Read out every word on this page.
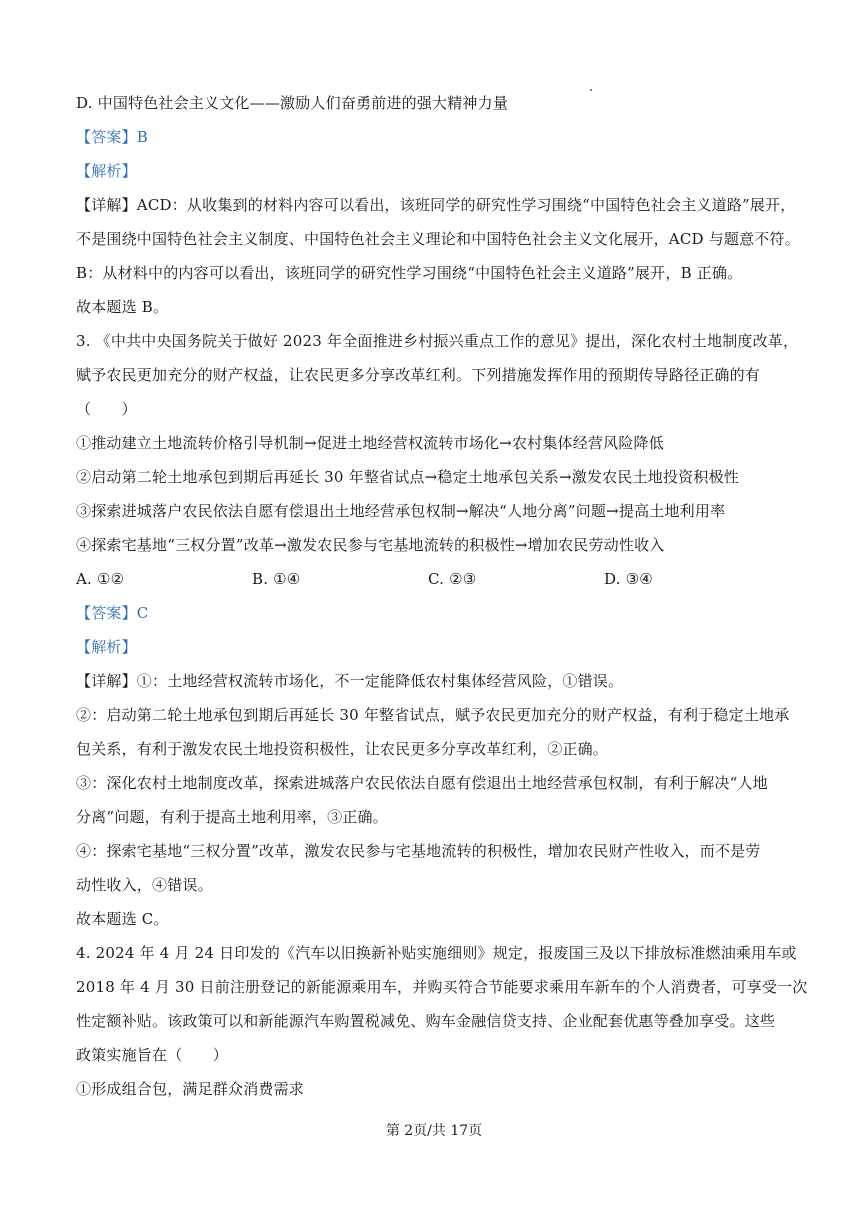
D. 中国特色社会主义文化——激励人们奋勇前进的强大精神力量
【答案】B
【解析】
【详解】ACD：从收集到的材料内容可以看出，该班同学的研究性学习围绕“中国特色社会主义道路”展开，
不是围绕中国特色社会主义制度、中国特色社会主义理论和中国特色社会主义文化展开，ACD 与题意不符。
B：从材料中的内容可以看出，该班同学的研究性学习围绕“中国特色社会主义道路”展开，B 正确。
故本题选 B。
3. 《中共中央国务院关于做好 2023 年全面推进乡村振兴重点工作的意见》提出，深化农村土地制度改革，
赋予农民更加充分的财产权益，让农民更多分享改革红利。下列措施发挥作用的预期传导路径正确的有
（　　）
①推动建立土地流转价格引导机制→促进土地经营权流转市场化→农村集体经营风险降低
②启动第二轮土地承包到期后再延长 30 年整省试点→稳定土地承包关系→激发农民土地投资积极性
③探索进城落户农民依法自愿有偿退出土地经营承包权制→解决“人地分离”问题→提高土地利用率
④探索宅基地“三权分置”改革→激发农民参与宅基地流转的积极性→增加农民劳动性收入
A. ①②	B. ①④	C. ②③	D. ③④
【答案】C
【解析】
【详解】①：土地经营权流转市场化，不一定能降低农村集体经营风险，①错误。
②：启动第二轮土地承包到期后再延长 30 年整省试点，赋予农民更加充分的财产权益，有利于稳定土地承
包关系，有利于激发农民土地投资积极性，让农民更多分享改革红利，②正确。
③：深化农村土地制度改革，探索进城落户农民依法自愿有偿退出土地经营承包权制，有利于解决“人地
分离”问题，有利于提高土地利用率，③正确。
④：探索宅基地“三权分置”改革，激发农民参与宅基地流转的积极性，增加农民财产性收入，而不是劳
动性收入，④错误。
故本题选 C。
4. 2024 年 4 月 24 日印发的《汽车以旧换新补贴实施细则》规定，报废国三及以下排放标准燃油乘用车或
2018 年 4 月 30 日前注册登记的新能源乘用车，并购买符合节能要求乘用车新车的个人消费者，可享受一次
性定额补贴。该政策可以和新能源汽车购置税减免、购车金融信贷支持、企业配套优惠等叠加享受。这些
政策实施旨在（　　）
①形成组合包，满足群众消费需求
第 2页/共 17页
